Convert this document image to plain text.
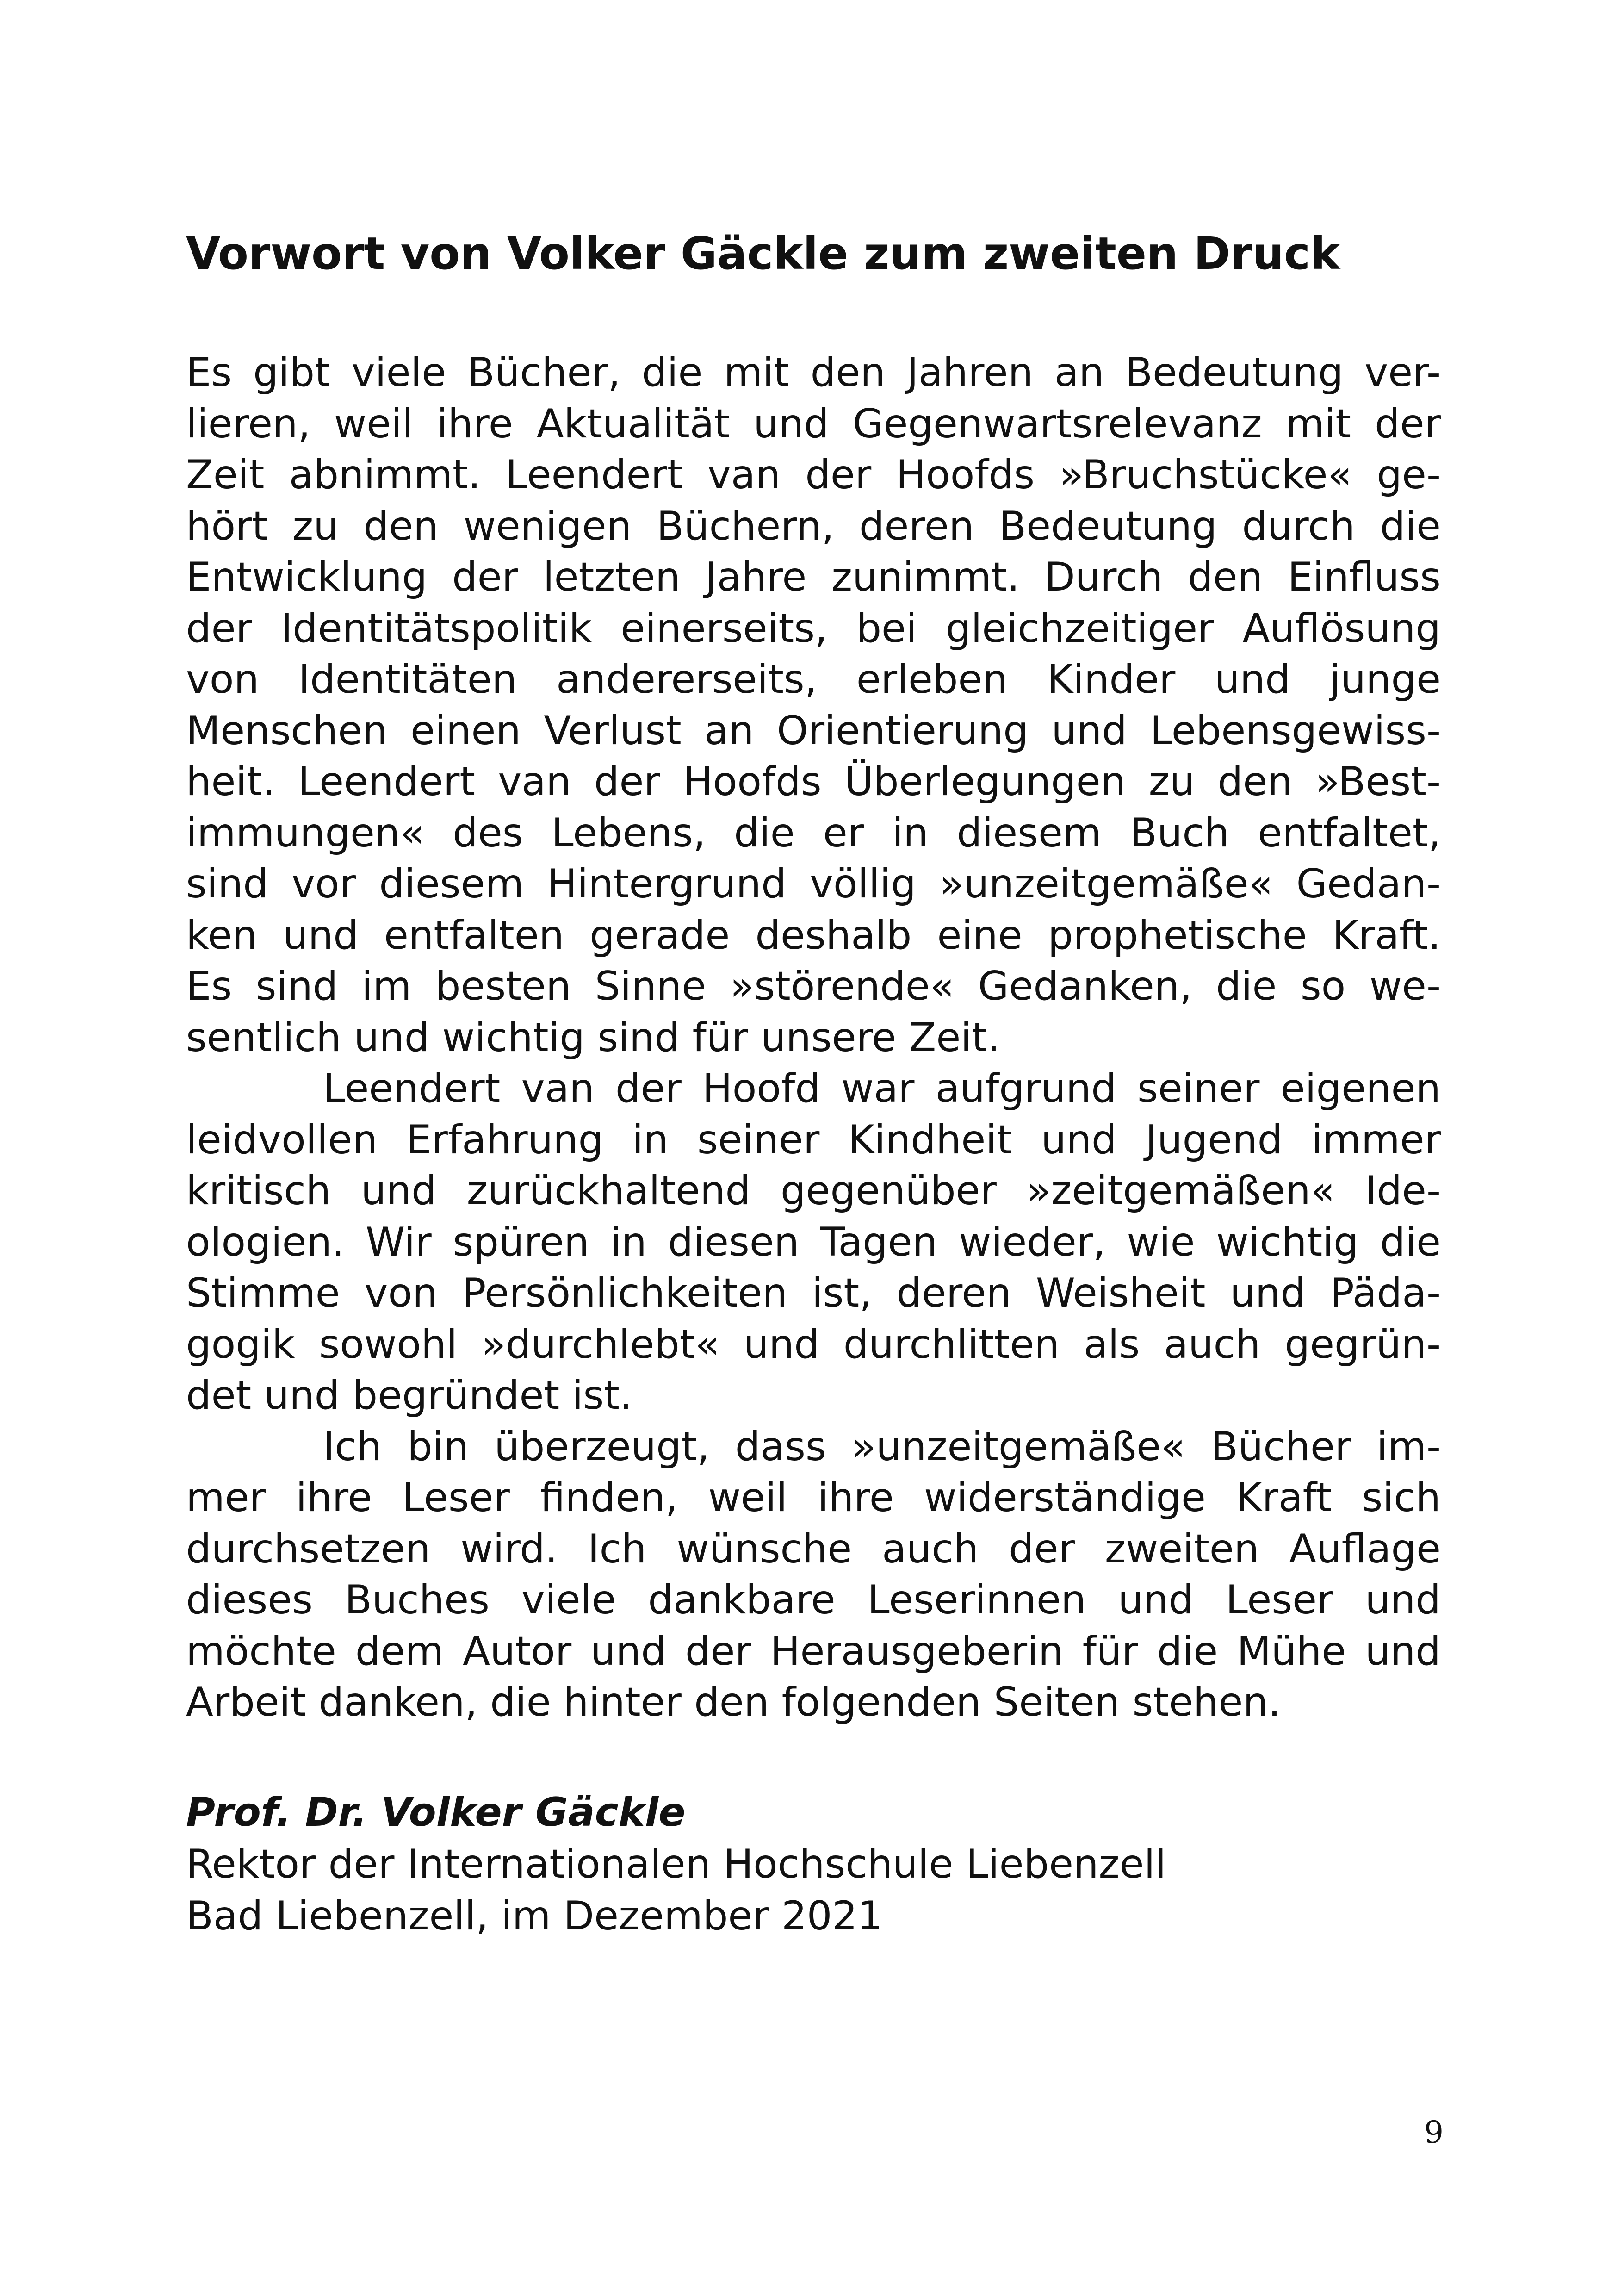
Vorwort von Volker Gäckle zum zweiten Druck

Es gibt viele Bücher, die mit den Jahren an Bedeutung ver-
lieren, weil ihre Aktualität und Gegenwartsrelevanz mit der
Zeit abnimmt. Leendert van der Hoofds »Bruchstücke« ge-
hört zu den wenigen Büchern, deren Bedeutung durch die
Entwicklung der letzten Jahre zunimmt. Durch den Einfluss
der Identitätspolitik einerseits, bei gleichzeitiger Auflösung
von Identitäten andererseits, erleben Kinder und junge
Menschen einen Verlust an Orientierung und Lebensgewiss-
heit. Leendert van der Hoofds Überlegungen zu den »Best-
immungen« des Lebens, die er in diesem Buch entfaltet,
sind vor diesem Hintergrund völlig »unzeitgemäße« Gedan-
ken und entfalten gerade deshalb eine prophetische Kraft.
Es sind im besten Sinne »störende« Gedanken, die so we-
sentlich und wichtig sind für unsere Zeit.

Leendert van der Hoofd war aufgrund seiner eigenen
leidvollen Erfahrung in seiner Kindheit und Jugend immer
kritisch und zurückhaltend gegenüber »zeitgemäßen« Ide-
ologien. Wir spüren in diesen Tagen wieder, wie wichtig die
Stimme von Persönlichkeiten ist, deren Weisheit und Päda-
gogik sowohl »durchlebt« und durchlitten als auch gegrün-
det und begründet ist.

Ich bin überzeugt, dass »unzeitgemäße« Bücher im-
mer ihre Leser finden, weil ihre widerständige Kraft sich
durchsetzen wird. Ich wünsche auch der zweiten Auflage
dieses Buches viele dankbare Leserinnen und Leser und
möchte dem Autor und der Herausgeberin für die Mühe und
Arbeit danken, die hinter den folgenden Seiten stehen.

Prof. Dr. Volker Gäckle
Rektor der Internationalen Hochschule Liebenzell
Bad Liebenzell, im Dezember 2021
9
